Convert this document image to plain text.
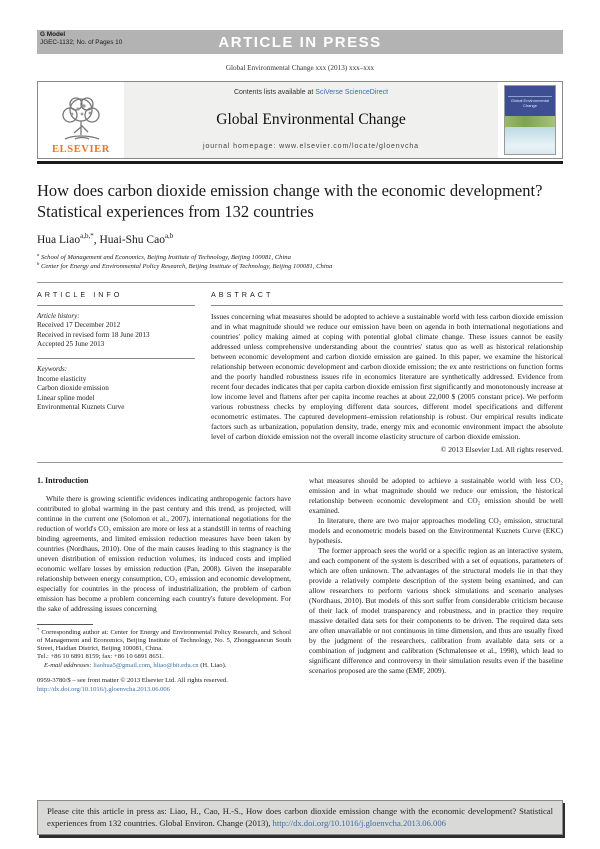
G Model
JGEC-1132; No. of Pages 10	ARTICLE IN PRESS
Global Environmental Change xxx (2013) xxx–xxx
ELSEVIER
Contents lists available at SciVerse ScienceDirect
Global Environmental Change
journal homepage: www.elsevier.com/locate/gloenvcha
Global Environmental Change
How does carbon dioxide emission change with the economic development? Statistical experiences from 132 countries
Hua Liao$^{a,b,*}$, Huai-Shu Cao$^{a,b}$
$^a$ School of Management and Economics, Beijing Institute of Technology, Beijing 100081, China
$^b$ Center for Energy and Environmental Policy Research, Beijing Institute of Technology, Beijing 100081, China
ARTICLE INFO
Article history:
Received 17 December 2012
Received in revised form 18 June 2013
Accepted 25 June 2013
Keywords:
Income elasticity
Carbon dioxide emission
Linear spline model
Environmental Kuznets Curve
ABSTRACT
Issues concerning what measures should be adopted to achieve a sustainable world with less carbon dioxide emission and in what magnitude should we reduce our emission have been on agenda in both international negotiations and countries' policy making aimed at coping with potential global climate change. These issues cannot be easily addressed unless comprehensive understanding about the countries' status quo as well as historical relationship between economic development and carbon dioxide emission are gained. In this paper, we examine the historical relationship between economic development and carbon dioxide emission; the ex ante restrictions on function forms and the poorly handled robustness issues rife in economics literature are synthetically addressed. Evidence from recent four decades indicates that per capita carbon dioxide emission first significantly and monotonously increase at low income level and flattens after per capita income reaches at about 22,000 $ (2005 constant price). We perform various robustness checks by employing different data sources, different model specifications and different econometric estimates. The captured development–emission relationship is robust. Our empirical results indicate factors such as urbanization, population density, trade, energy mix and economic environment impact the absolute level of carbon dioxide emission not the overall income elasticity structure of carbon dioxide emission.
© 2013 Elsevier Ltd. All rights reserved.
1. Introduction
While there is growing scientific evidences indicating anthropogenic factors have contributed to global warming in the past century and this trend, as projected, will continue in the current one (Solomon et al., 2007), international negotiations for the reduction of world's CO₂ emission are more or less at a standstill in terms of reaching binding agreements, and limited emission reduction measures have been taken by countries (Nordhaus, 2010). One of the main causes leading to this stagnancy is the uneven distribution of emission reduction volumes, its induced costs and implied economic welfare losses by emission reduction (Pan, 2008). Given the inseparable relationship between energy consumption, CO₂ emission and economic development, especially for countries in the process of industrialization, the problem of carbon emission has become a problem concerning each country's future development. For the sake of addressing issues concerning
* Corresponding author at: Center for Energy and Environmental Policy Research, and School of Management and Economics, Beijing Institute of Technology, No. 5, Zhongguancun South Street, Haidian District, Beijing 100081, China.
Tel.: +86 10 6891 8159; fax: +86 10 6891 8651.
E-mail addresses: liaohua5@gmail.com, hliao@bit.edu.cn (H. Liao).
0959-3780/$ – see front matter © 2013 Elsevier Ltd. All rights reserved.
http://dx.doi.org/10.1016/j.gloenvcha.2013.06.006
what measures should be adopted to achieve a sustainable world with less CO₂ emission and in what magnitude should we reduce our emission, the historical relationship between economic development and CO₂ emission should be well examined.
In literature, there are two major approaches modeling CO₂ emission, structural models and econometric models based on the Environmental Kuznets Curve (EKC) hypothesis.
The former approach sees the world or a specific region as an interactive system, and each component of the system is described with a set of equations, parameters of which are often unknown. The advantages of the structural models lie in that they provide a relatively complete description of the system being examined, and can allow researchers to perform various shock simulations and scenario analyses (Nordhaus, 2010). But models of this sort suffer from considerable criticism because of their lack of model transparency and robustness, and in practice they require massive detailed data sets for their components to be driven. The required data sets are often unavailable or not continuous in time dimension, and thus are usually fixed by the judgment of the researchers, calibration from available data sets or a combination of judgment and calibration (Schmalensee et al., 1998), which lead to significant difference and controversy in their simulation results even if the baseline scenarios proposed are the same (EMF, 2009).
Please cite this article in press as: Liao, H., Cao, H.-S., How does carbon dioxide emission change with the economic development? Statistical experiences from 132 countries. Global Environ. Change (2013), http://dx.doi.org/10.1016/j.gloenvcha.2013.06.006
